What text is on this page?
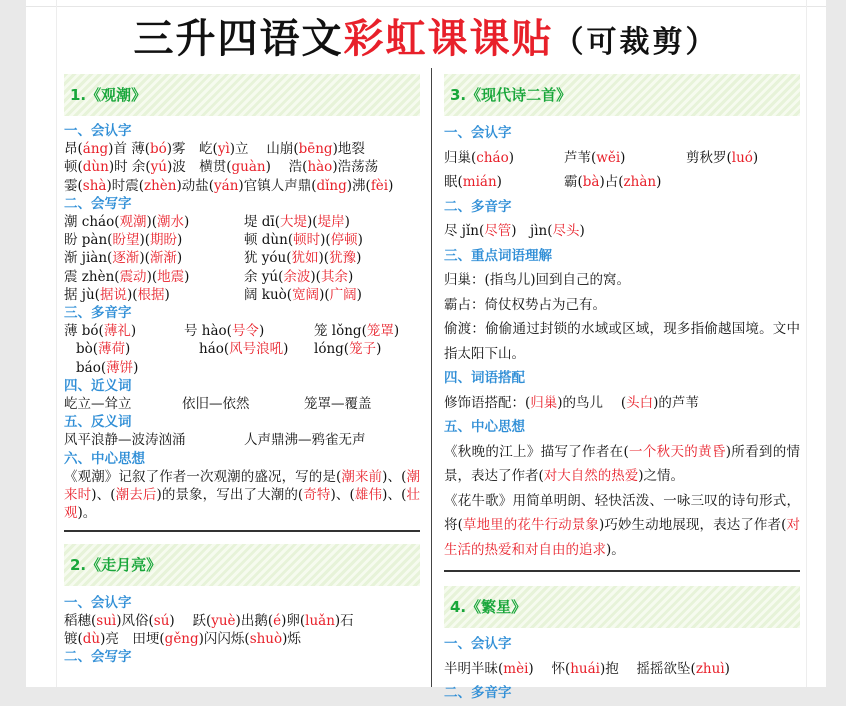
三升四语文彩虹课课贴（可裁剪）
1.《观潮》
一、会认字
昂(áng)首 薄(bó)雾　屹(yì)立　 山崩(bēng)地裂
顿(dùn)时 余(yú)波　横贯(guàn)　 浩(hào)浩荡荡
霎(shà)时震(zhèn)动盐(yán)官镇人声鼎(dǐng)沸(fèi)
二、会写字
潮 cháo(观潮)(潮水)	堤 dī(大堤)(堤岸)
盼 pàn(盼望)(期盼)	顿 dùn(顿时)(停顿)
渐 jiàn(逐渐)(渐渐)	犹 yóu(犹如)(犹豫)
震 zhèn(震动)(地震)	余 yú(余波)(其余)
据 jù(据说)(根据)	阔 kuò(宽阔)(广阔)
三、多音字
薄 bó(薄礼)	号 hào(号令)	笼 lǒng(笼罩)
bò(薄荷)	háo(风号浪吼) lóng(笼子)
báo(薄饼)
四、近义词
屹立—耸立	依旧—依然	笼罩—覆盖
五、反义词
风平浪静—波涛汹涌	人声鼎沸—鸦雀无声
六、中心思想
《观潮》记叙了作者一次观潮的盛况，写的是(潮来前)、(潮来时)、(潮去后)的景象，写出了大潮的(奇特)、(雄伟)、(壮观)。
2.《走月亮》
一、会认字
稻穗(suì)风俗(sú)　 跃(yuè)出鹅(é)卵(luǎn)石
镀(dù)亮　田埂(gěng)闪闪烁(shuò)烁
二、会写字
3.《现代诗二首》
一、会认字
归巢(cháo)	芦苇(wěi)	剪秋罗(luó)
眠(mián)	霸(bà)占(zhàn)
二、多音字
尽 jǐn(尽管)　jìn(尽头)
三、重点词语理解
归巢：(指鸟儿)回到自己的窝。
霸占：倚仗权势占为己有。
偷渡：偷偷通过封锁的水域或区域，现多指偷越国境。文中指太阳下山。
四、词语搭配
修饰语搭配：(归巢)的鸟儿　 (头白)的芦苇
五、中心思想
《秋晚的江上》描写了作者在(一个秋天的黄昏)所看到的情景，表达了作者(对大自然的热爱)之情。
《花牛歌》用简单明朗、轻快活泼、一咏三叹的诗句形式，将(草地里的花牛行动景象)巧妙生动地展现，表达了作者(对生活的热爱和对自由的追求)。
4.《繁星》
一、会认字
半明半昧(mèi)　 怀(huái)抱　 摇摇欲坠(zhuì)
二、多音字
